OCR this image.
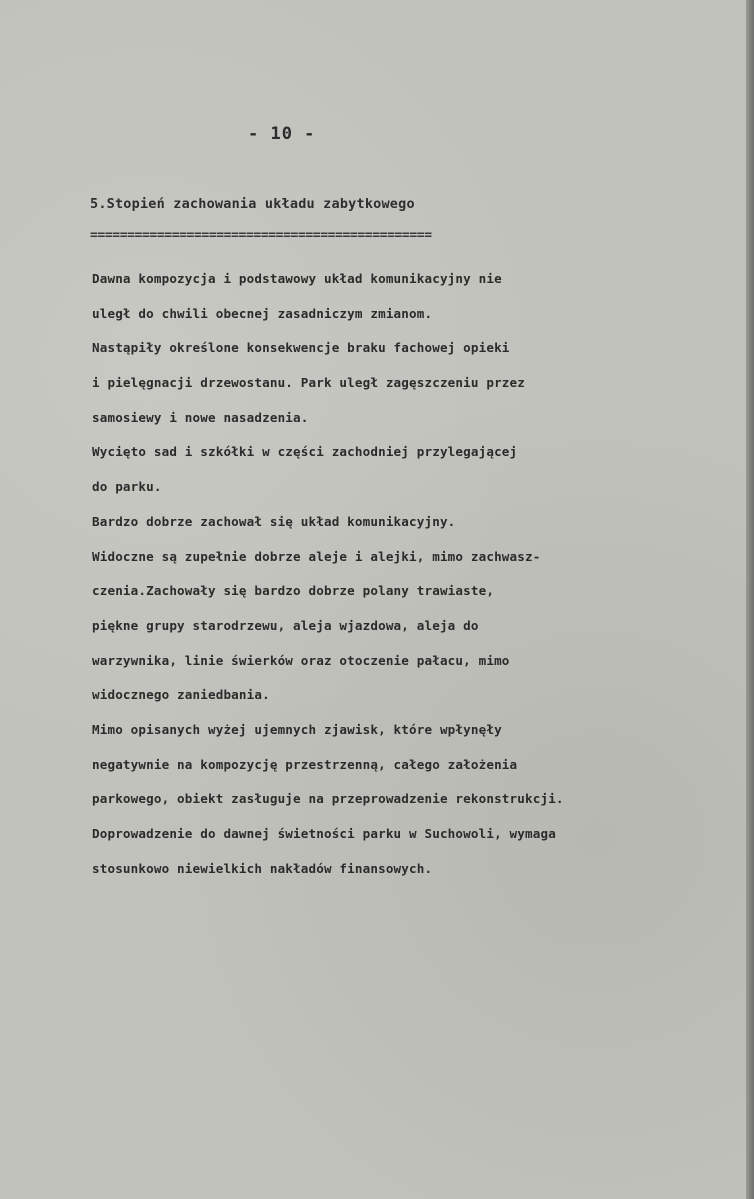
- 10 -
5.Stopień zachowania układu zabytkowego
==============================================
Dawna kompozycja i podstawowy układ komunikacyjny nie
uległ do chwili obecnej zasadniczym zmianom.
Nastąpiły określone konsekwencje braku fachowej opieki
i pielęgnacji drzewostanu. Park uległ zagęszczeniu przez
samosiewy i nowe nasadzenia.
Wycięto sad i szkółki w części zachodniej przylegającej
do parku.
Bardzo dobrze zachował się układ komunikacyjny.
Widoczne są zupełnie dobrze aleje i alejki, mimo zachwasz-
czenia.Zachowały się bardzo dobrze polany trawiaste,
piękne grupy starodrzewu, aleja wjazdowa, aleja do
warzywnika, linie świerków oraz otoczenie pałacu, mimo
widocznego zaniedbania.
Mimo opisanych wyżej ujemnych zjawisk, które wpłynęły
negatywnie na kompozycję przestrzenną, całego założenia
parkowego, obiekt zasługuje na przeprowadzenie rekonstrukcji.
Doprowadzenie do dawnej świetności parku w Suchowoli, wymaga
stosunkowo niewielkich nakładów finansowych.
